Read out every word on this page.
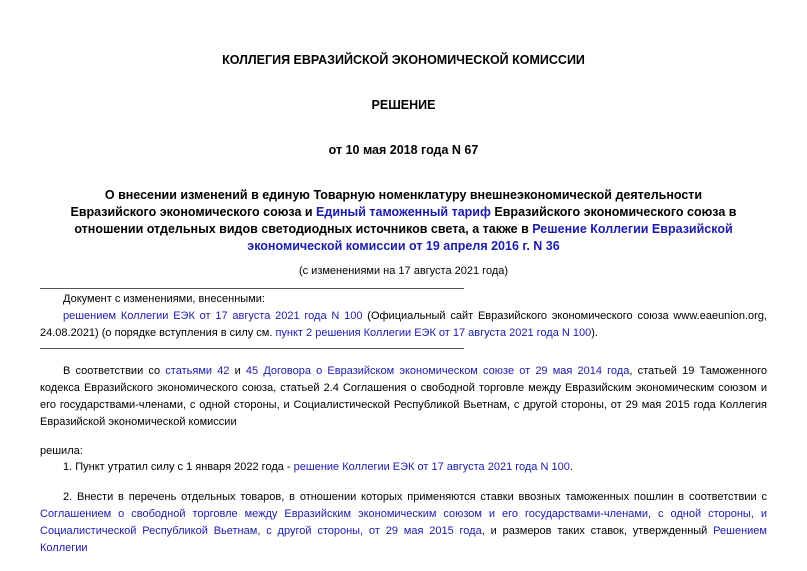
КОЛЛЕГИЯ ЕВРАЗИЙСКОЙ ЭКОНОМИЧЕСКОЙ КОМИССИИ
РЕШЕНИЕ
от 10 мая 2018 года N 67
О внесении изменений в единую Товарную номенклатуру внешнеэкономической деятельности
Евразийского экономического союза и Единый таможенный тариф Евразийского экономического союза в
отношении отдельных видов светодиодных источников света, а также в Решение Коллегии Евразийской
экономической комиссии от 19 апреля 2016 г. N 36
(с изменениями на 17 августа 2021 года)
Документ с изменениями, внесенными:
решением Коллегии ЕЭК от 17 августа 2021 года N 100 (Официальный сайт Евразийского экономического союза www.eaeunion.org, 24.08.2021) (о порядке вступления в силу см. пункт 2 решения Коллегии ЕЭК от 17 августа 2021 года N 100).
В соответствии со статьями 42 и 45 Договора о Евразийском экономическом союзе от 29 мая 2014 года, статьей 19 Таможенного кодекса Евразийского экономического союза, статьей 2.4 Соглашения о свободной торговле между Евразийским экономическим союзом и его государствами-членами, с одной стороны, и Социалистической Республикой Вьетнам, с другой стороны, от 29 мая 2015 года Коллегия Евразийской экономической комиссии
решила:
1. Пункт утратил силу с 1 января 2022 года - решение Коллегии ЕЭК от 17 августа 2021 года N 100.
2. Внести в перечень отдельных товаров, в отношении которых применяются ставки ввозных таможенных пошлин в соответствии с Соглашением о свободной торговле между Евразийским экономическим союзом и его государствами-членами, с одной стороны, и Социалистической Республикой Вьетнам, с другой стороны, от 29 мая 2015 года, и размеров таких ставок, утвержденный Решением Коллегии
